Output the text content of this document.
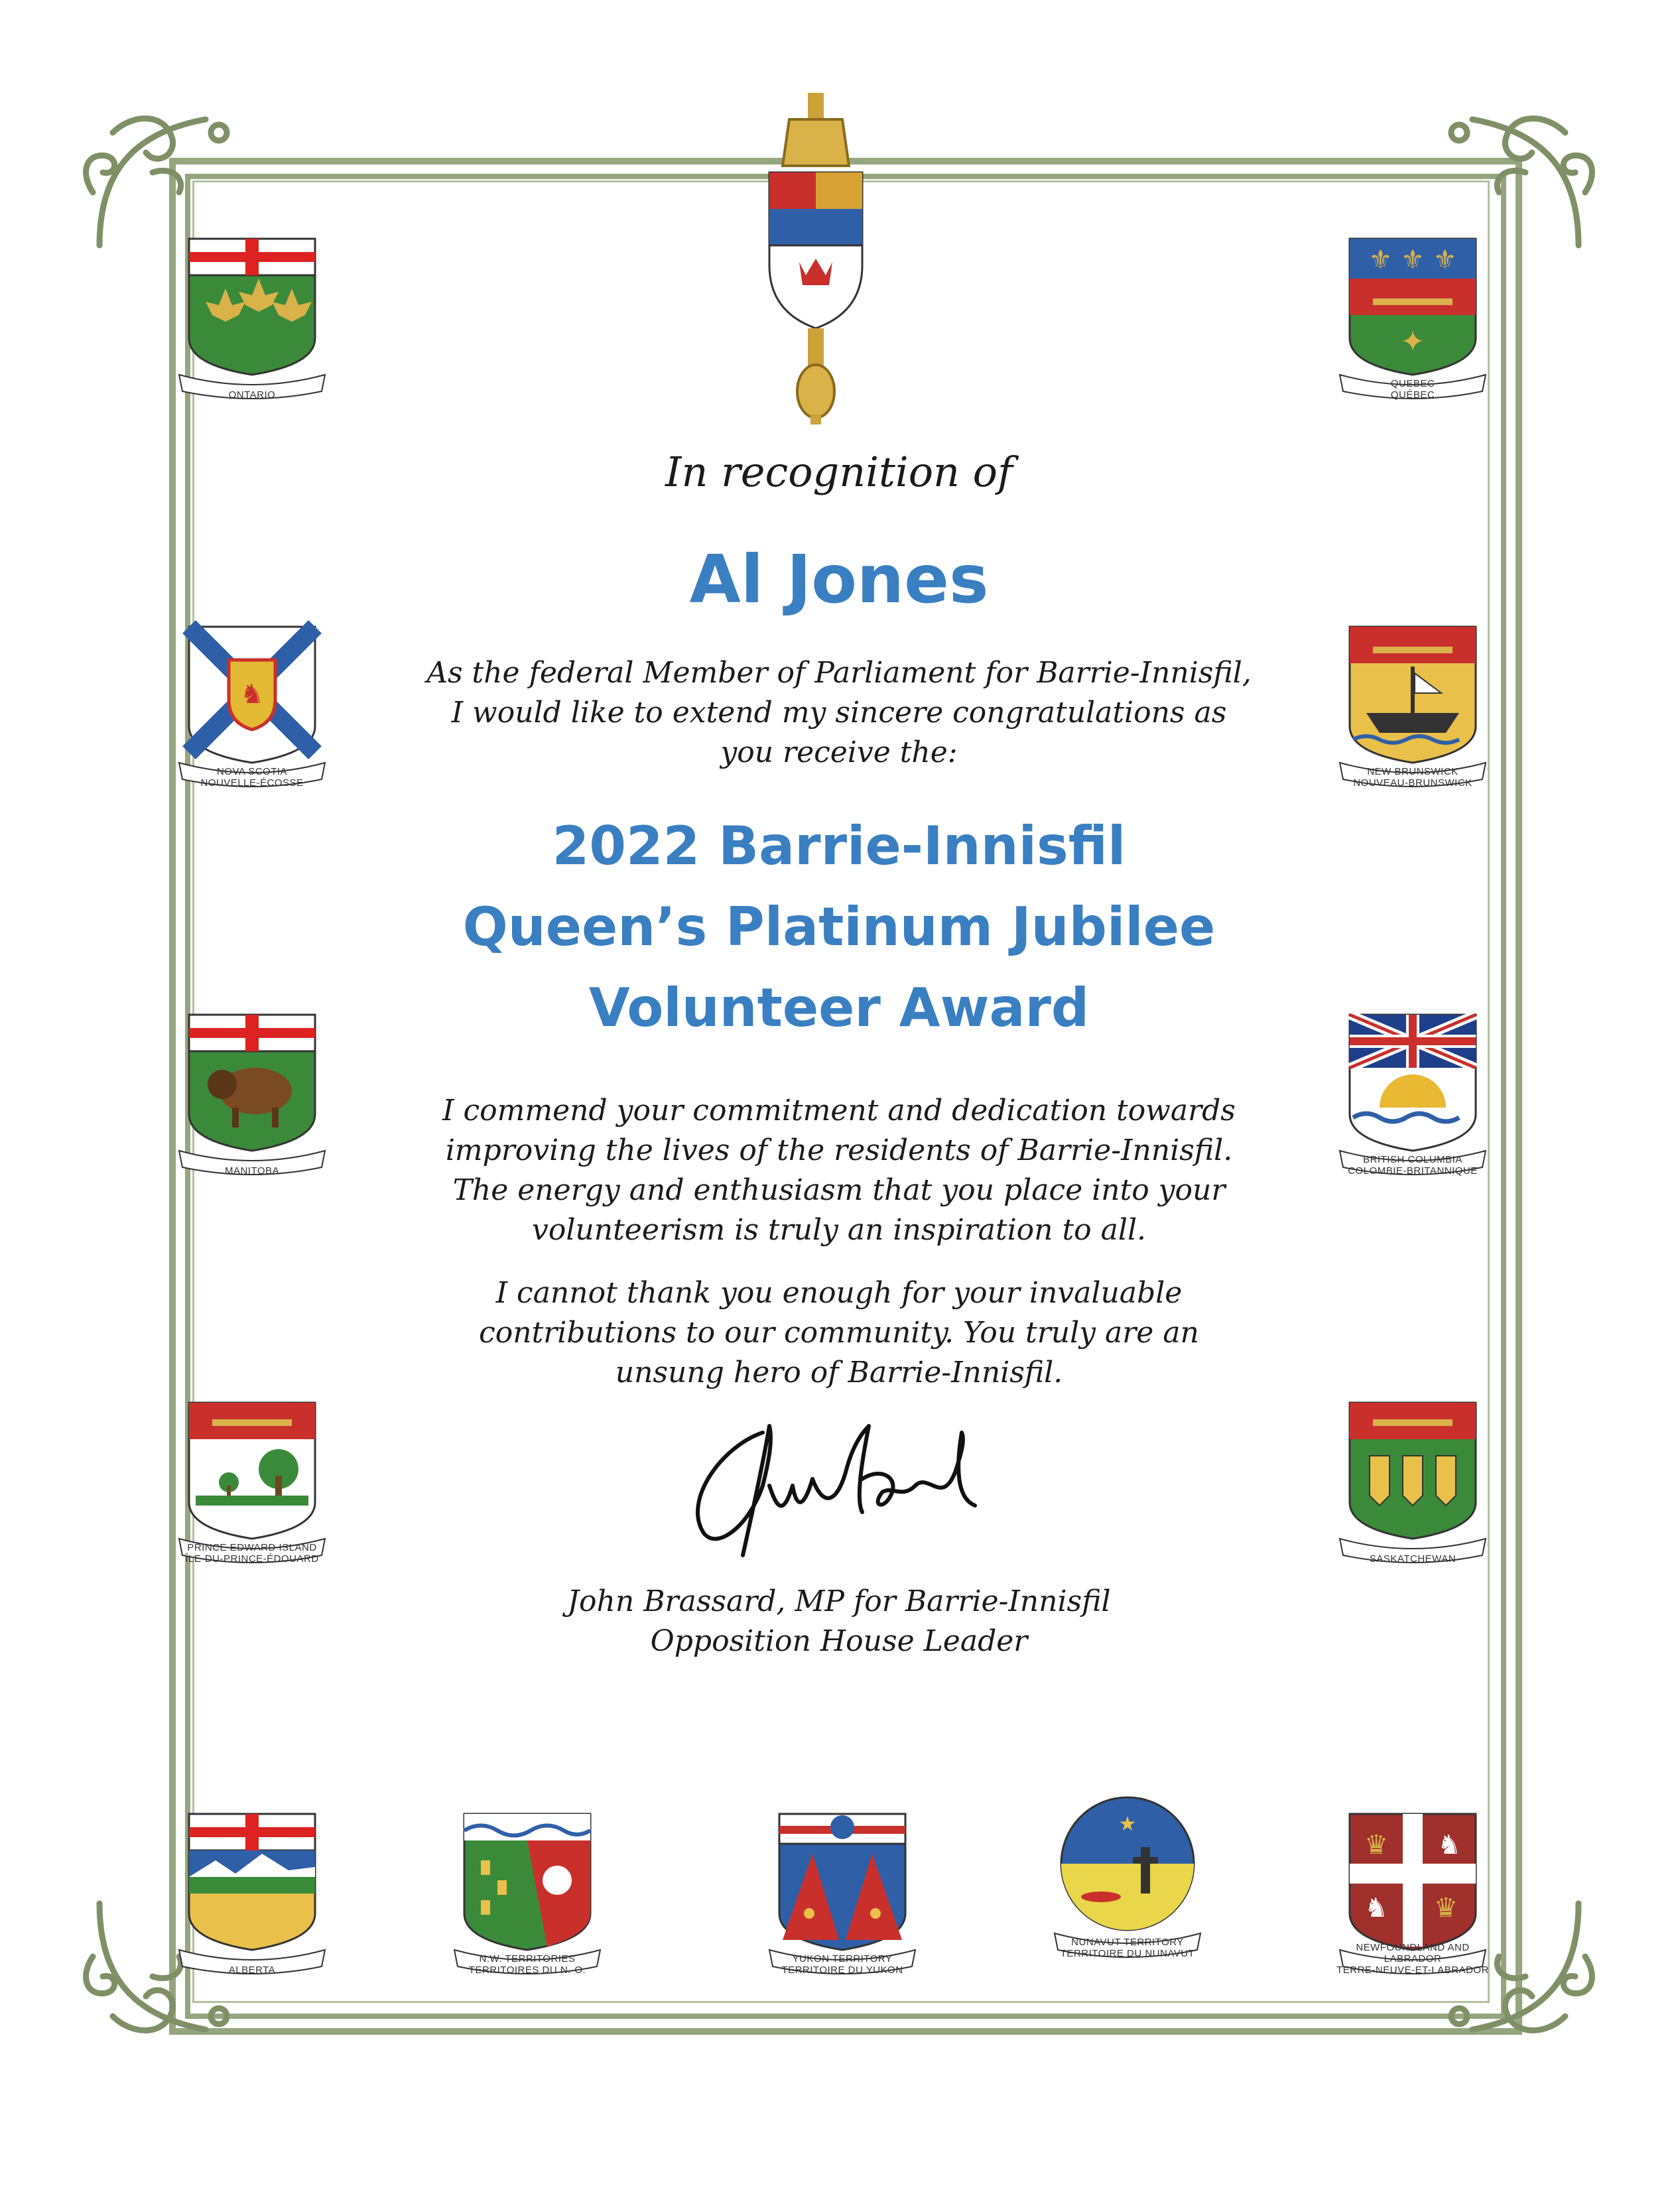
ONTARIO
⚜ ⚜ ⚜
✦
QUEBEC
QUÉBEC
♞
NOVA SCOTIA
NOUVELLE-ÉCOSSE
NEW BRUNSWICK
NOUVEAU-BRUNSWICK
MANITOBA
BRITISH COLUMBIA
COLOMBIE-BRITANNIQUE
PRINCE EDWARD ISLAND
ÎLE-DU-PRINCE-ÉDOUARD	SASKATCHEWAN
ALBERTA
N.W. TERRITORIES
TERRITOIRES DU N.-O.
YUKON TERRITORY
TERRITOIRE DU YUKON
★
NUNAVUT TERRITORY
TERRITOIRE DU NUNAVUT
♛ ♞
♞ ♛
NEWFOUNDLAND AND LABRADOR
TERRE-NEUVE-ET-LABRADOR
In recognition of
Al Jones
As the federal Member of Parliament for Barrie-Innisfil,
I would like to extend my sincere congratulations as
you receive the:
2022 Barrie-Innisfil
Queen’s Platinum Jubilee
Volunteer Award
I commend your commitment and dedication towards
improving the lives of the residents of Barrie-Innisfil.
The energy and enthusiasm that you place into your
volunteerism is truly an inspiration to all.
I cannot thank you enough for your invaluable
contributions to our community. You truly are an
unsung hero of Barrie-Innisfil.
John Brassard, MP for Barrie-Innisfil
Opposition House Leader
